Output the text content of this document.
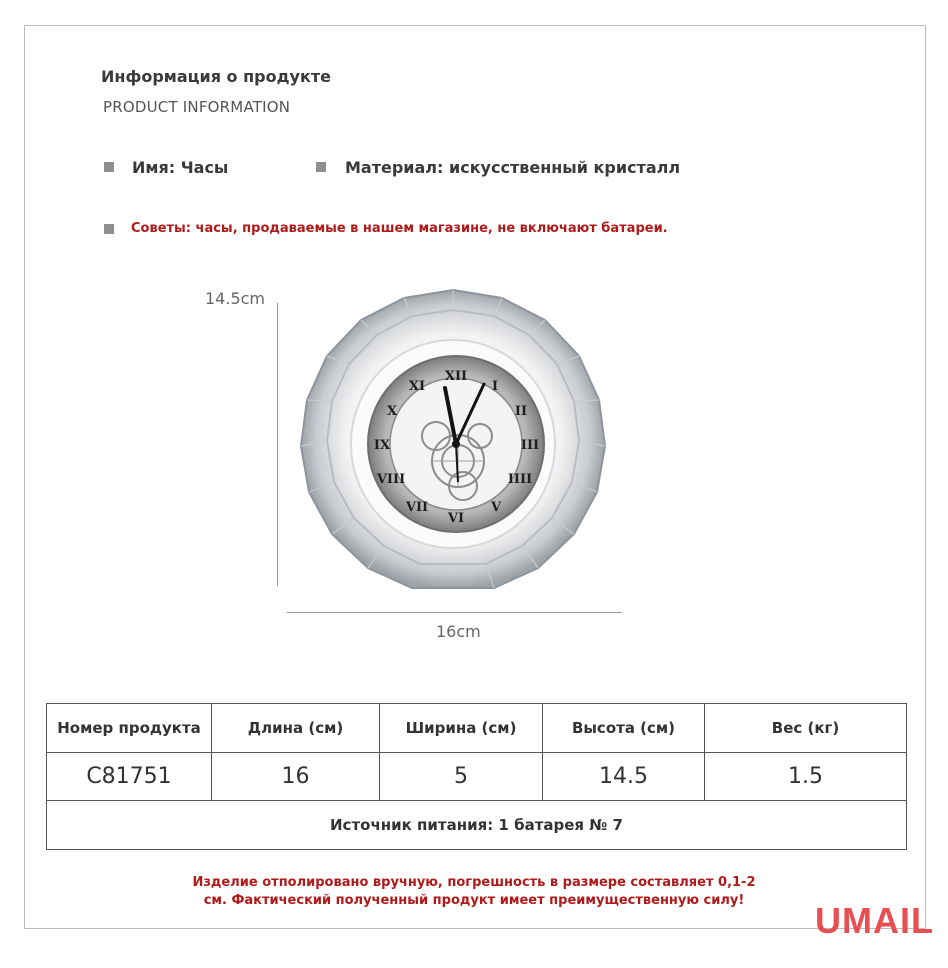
Информация о продукте
PRODUCT INFORMATION
Имя: Часы	Материал: искусственный кристалл
Советы: часы, продаваемые в нашем магазине, не включают батареи.
14.5cm
XII
I
II
III
IIII
V
VI
VII
VIII
IX
X
XI
16cm
Номер продукта	Длина (см)	Ширина (см)	Высота (см)	Вес (кг)
C81751	16	5	14.5	1.5
Источник питания: 1 батарея № 7				
Изделие отполировано вручную, погрешность в размере составляет 0,1-2
см. Фактический полученный продукт имеет преимущественную силу!	UMAIL
